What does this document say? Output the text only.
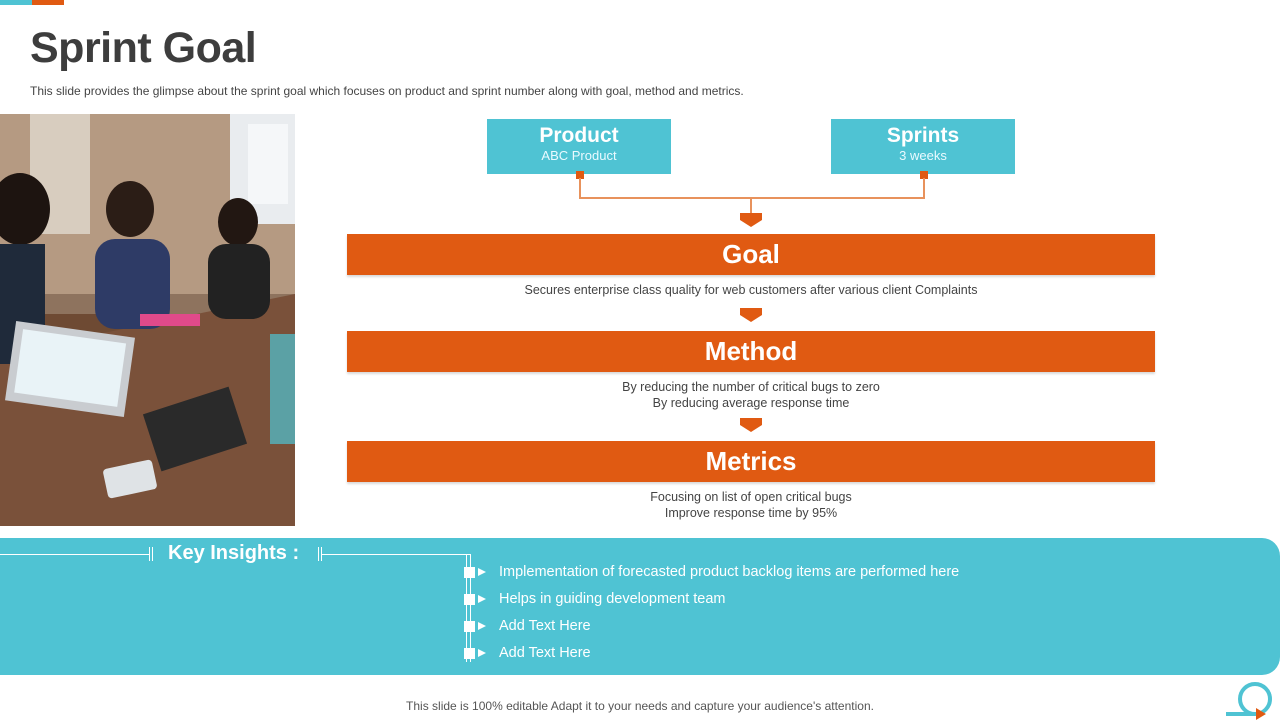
Sprint Goal

This slide provides the glimpse about the sprint goal which focuses on product and sprint number along with goal, method and metrics.

Product
ABC Product
Sprints
3 weeks
Goal
Secures enterprise class quality for web customers after various client Complaints
Method
By reducing the number of critical bugs to zero
By reducing average response time
Metrics
Focusing on list of open critical bugs
Improve response time by 95%
Key Insights :
Implementation of forecasted product backlog items are performed here
Helps in guiding development team
Add Text Here
Add Text Here
This slide is 100% editable Adapt it to your needs and capture your audience's attention.
